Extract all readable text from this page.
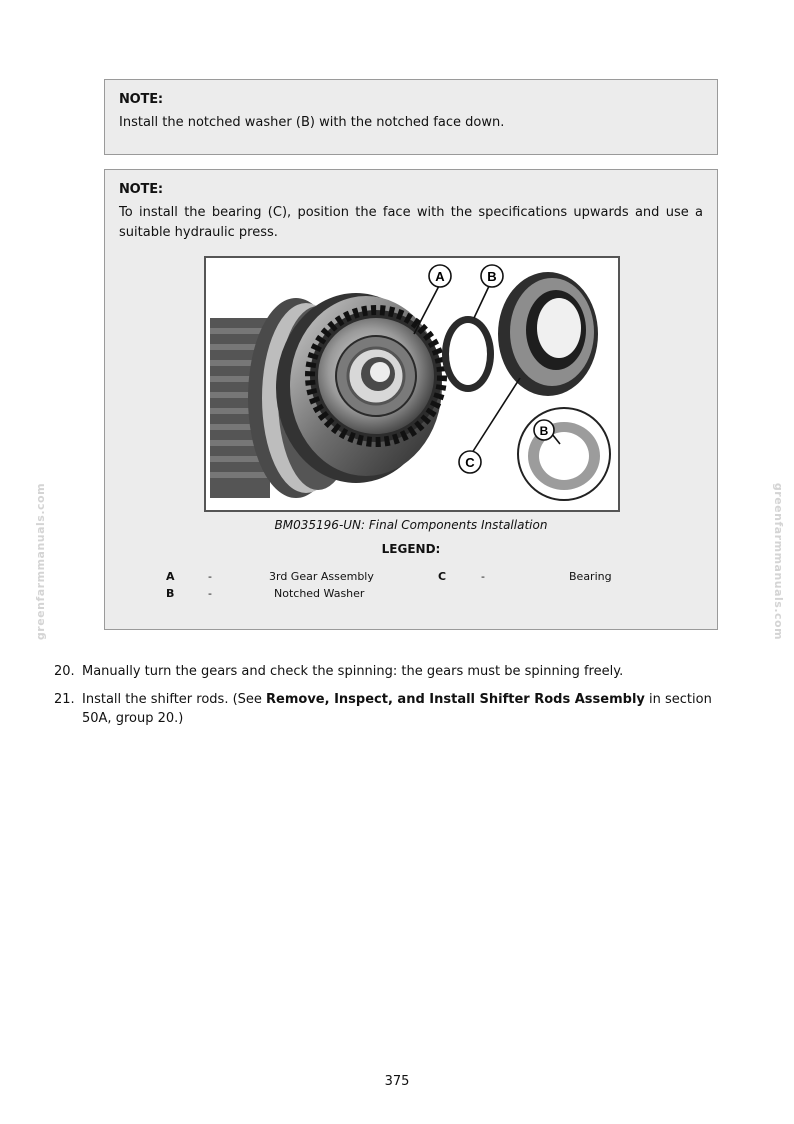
NOTE:
Install the notched washer (B) with the notched face down.
NOTE:
To install the bearing (C), position the face with the specifications upwards and use a suitable hydraulic press.
A	B
C
B
BM035196-UN: Final Components Installation
LEGEND:
A	-	3rd Gear Assembly
B	-	Notched Washer
C	-	Bearing
20. Manually turn the gears and check the spinning: the gears must be spinning freely.
21. Install the shifter rods. (See Remove, Inspect, and Install Shifter Rods Assembly in section 50A, group 20.)
greenfarmmanuals.com	greenfarmmanuals.com
375
